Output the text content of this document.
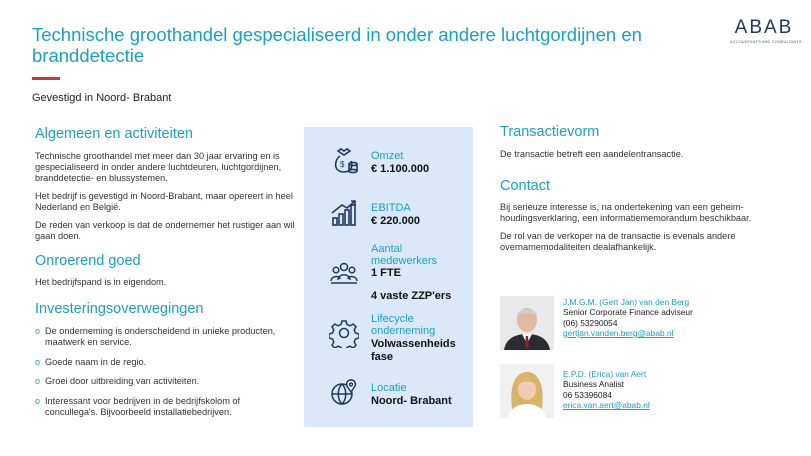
Technische groothandel gespecialiseerd in onder andere luchtgordijnen en branddetectie
ABAB
ACCOUNTANTS AND CONSULTANTS
Gevestigd in Noord- Brabant
Algemeen en activiteiten

Technische groothandel met meer dan 30 jaar ervaring en is gespecialiseerd in onder andere luchtdeuren, luchtgordijnen, branddetectie- en blussystemen.

Het bedrijf is gevestigd in Noord-Brabant, maar opereert in heel Nederland en België.

De reden van verkoop is dat de ondernemer het rustiger aan wil gaan doen.

Onroerend goed
Het bedrijfspand is in eigendom.
Investeringsoverwegingen
o De onderneming is onderscheidend in unieke producten, maatwerk en service.
o Goede naam in de regio.
o Groei door uitbreiding van activiteiten.
o Interessant voor bedrijven in de bedrijfskolom of concullega's. Bijvoorbeeld installatiebedrijven.
$
Omzet
€ 1.100.000
EBITDA
€ 220.000
Aantal medewerkers
1 FTE
4 vaste ZZP'ers
Lifecycle onderneming
Volwassenheids fase
Locatie
Noord- Brabant
Transactievorm
De transactie betreft een aandelentransactie.
Contact

Bij serieuze interesse is, na ondertekening van een geheim-houdingsverklaring, een informatiememorandum beschikbaar.

De rol van de verkoper na de transactie is evenals andere overnamemodaliteiten dealafhankelijk.

J.M.G.M. (Gert Jan) van den Berg
Senior Corporate Finance adviseur
(06) 53290054
gertjan.vanden.berg@abab.nl
E.P.D. (Erica) van Aert
Business Analist
06 53396084
erica.van.aert@abab.nl
